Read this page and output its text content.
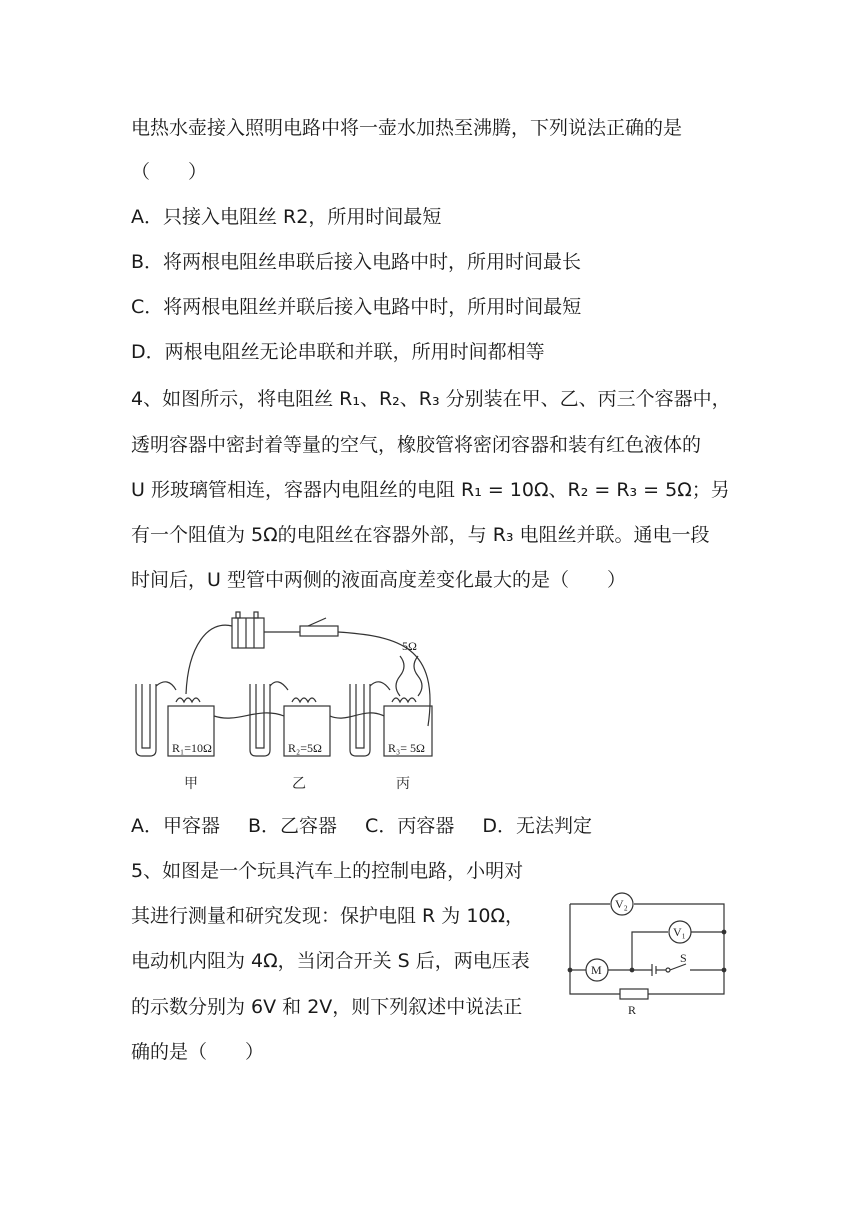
电热水壶接入照明电路中将一壶水加热至沸腾，下列说法正确的是
（　　）
A．只接入电阻丝 R2，所用时间最短
B．将两根电阻丝串联后接入电路中时，所用时间最长
C．将两根电阻丝并联后接入电路中时，所用时间最短
D．两根电阻丝无论串联和并联，所用时间都相等
4、如图所示，将电阻丝 R₁、R₂、R₃ 分别装在甲、乙、丙三个容器中，
透明容器中密封着等量的空气，橡胶管将密闭容器和装有红色液体的
U 形玻璃管相连，容器内电阻丝的电阻 R₁ = 10Ω、R₂ = R₃ = 5Ω；另
有一个阻值为 5Ω的电阻丝在容器外部，与 R₃ 电阻丝并联。通电一段
时间后，U 型管中两侧的液面高度差变化最大的是（　　）
R₁=10Ω	R₂=5Ω	R₃= 5Ω
5Ω
甲	乙	丙
A．甲容器 B．乙容器 C．丙容器 D．无法判定
5、如图是一个玩具汽车上的控制电路，小明对
其进行测量和研究发现：保护电阻 R 为 10Ω，
电动机内阻为 4Ω，当闭合开关 S 后，两电压表
的示数分别为 6V 和 2V，则下列叙述中说法正
确的是（　　）
V₂
V₁
M
S
R
